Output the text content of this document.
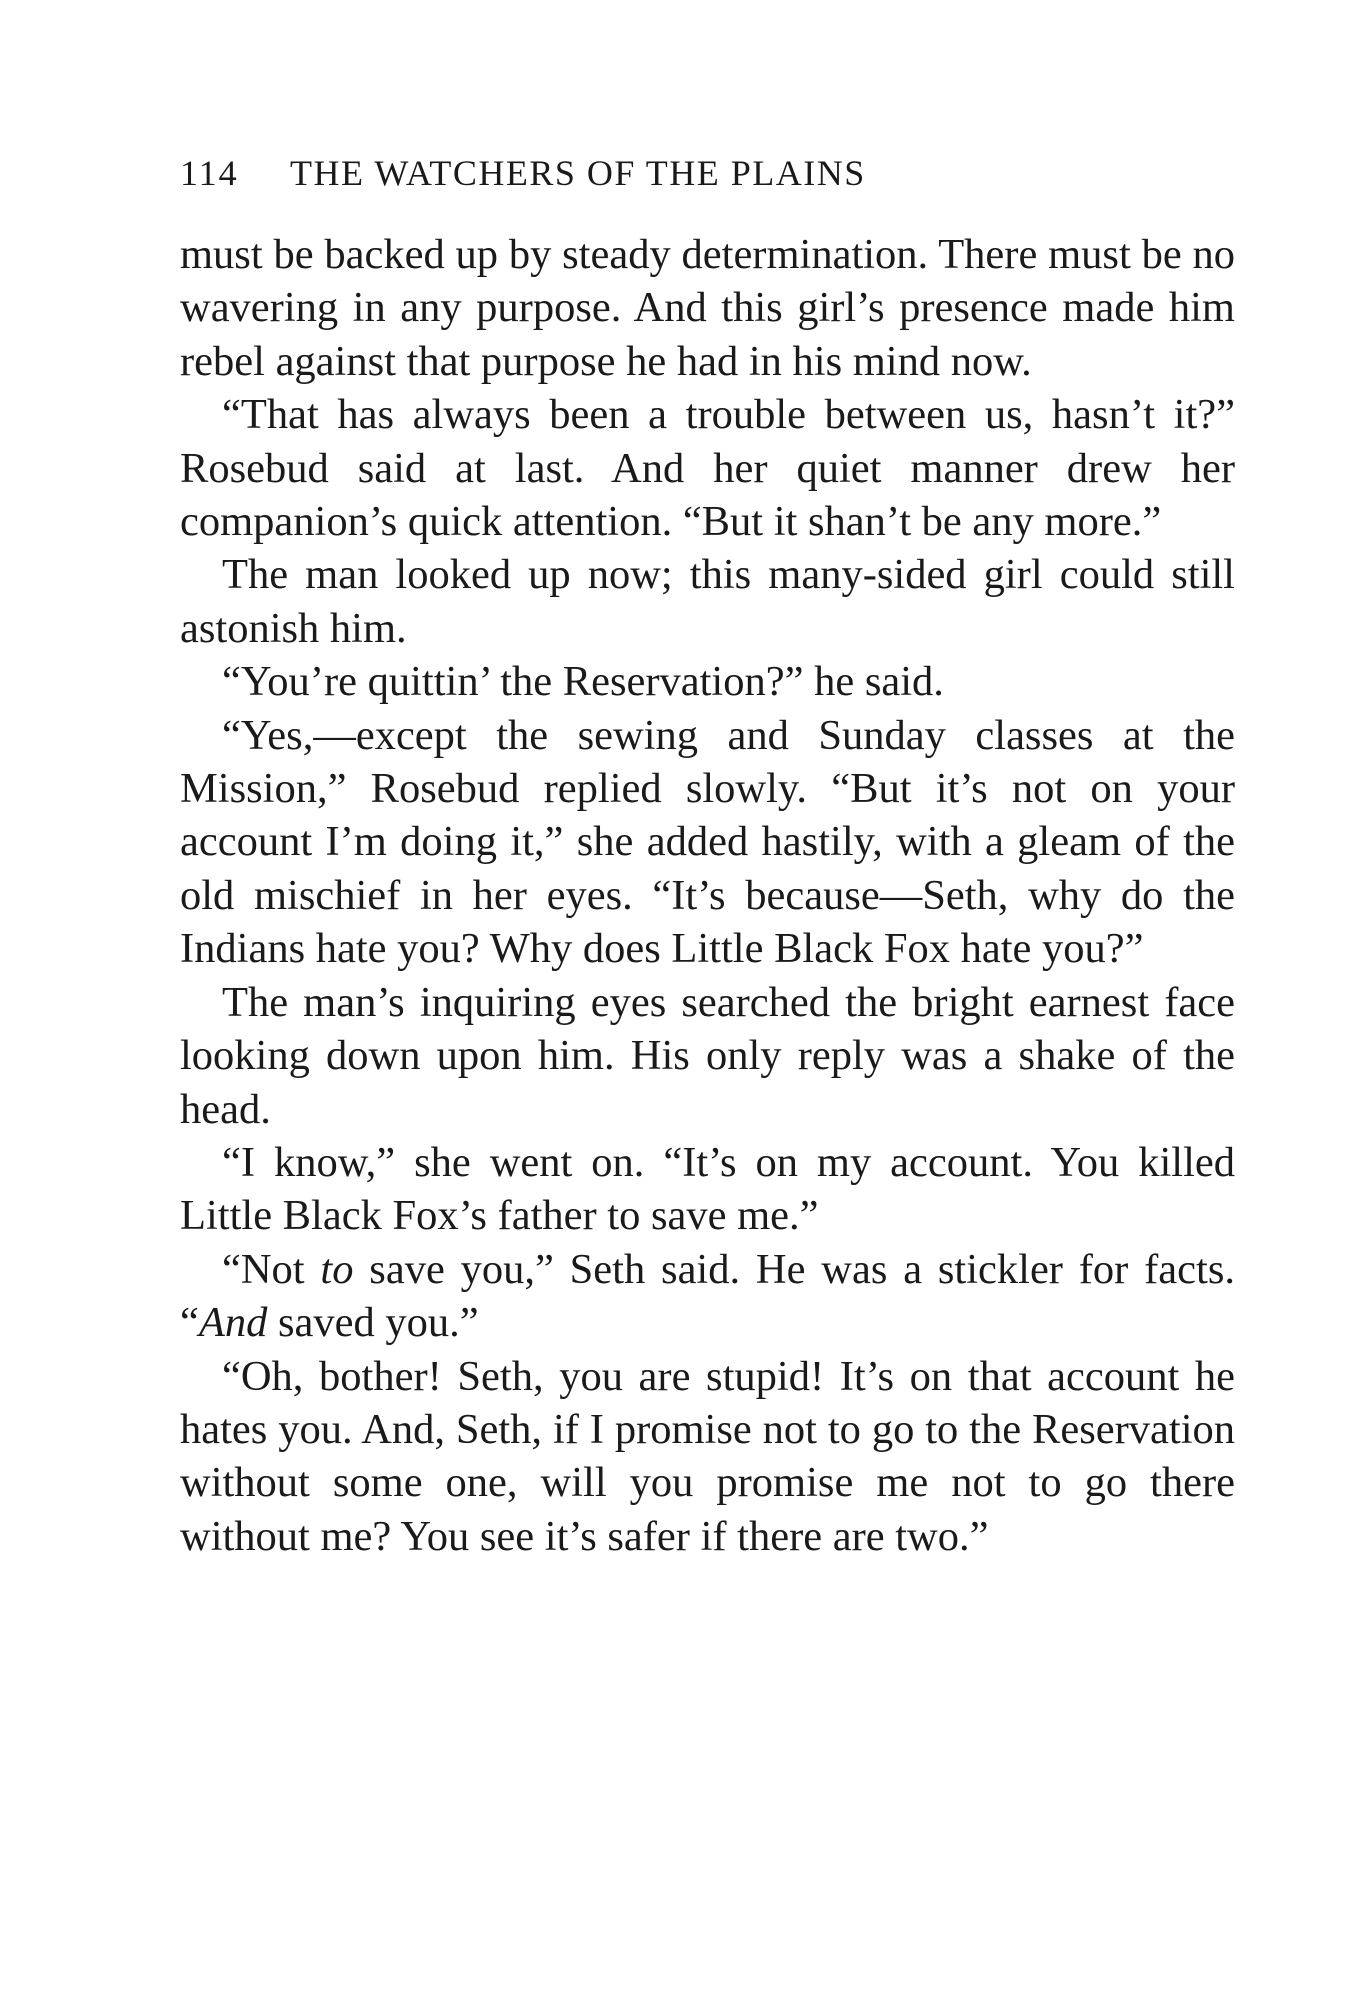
114 THE WATCHERS OF THE PLAINS

must be backed up by steady determination. There must be no wavering in any purpose. And this girl’s presence made him rebel against that purpose he had in his mind now.

“That has always been a trouble between us, hasn’t it?” Rosebud said at last. And her quiet manner drew her companion’s quick attention. “But it shan’t be any more.”

The man looked up now; this many-sided girl could still astonish him.

“You’re quittin’ the Reservation?” he said.

“Yes,—except the sewing and Sunday classes at the Mission,” Rosebud replied slowly. “But it’s not on your account I’m doing it,” she added hastily, with a gleam of the old mischief in her eyes. “It’s because—Seth, why do the Indians hate you? Why does Little Black Fox hate you?”

The man’s inquiring eyes searched the bright earnest face looking down upon him. His only reply was a shake of the head.

“I know,” she went on. “It’s on my account. You killed Little Black Fox’s father to save me.”

“Not to save you,” Seth said. He was a stickler for facts. “And saved you.”

“Oh, bother! Seth, you are stupid! It’s on that account he hates you. And, Seth, if I promise not to go to the Reservation without some one, will you promise me not to go there without me? You see it’s safer if there are two.”
